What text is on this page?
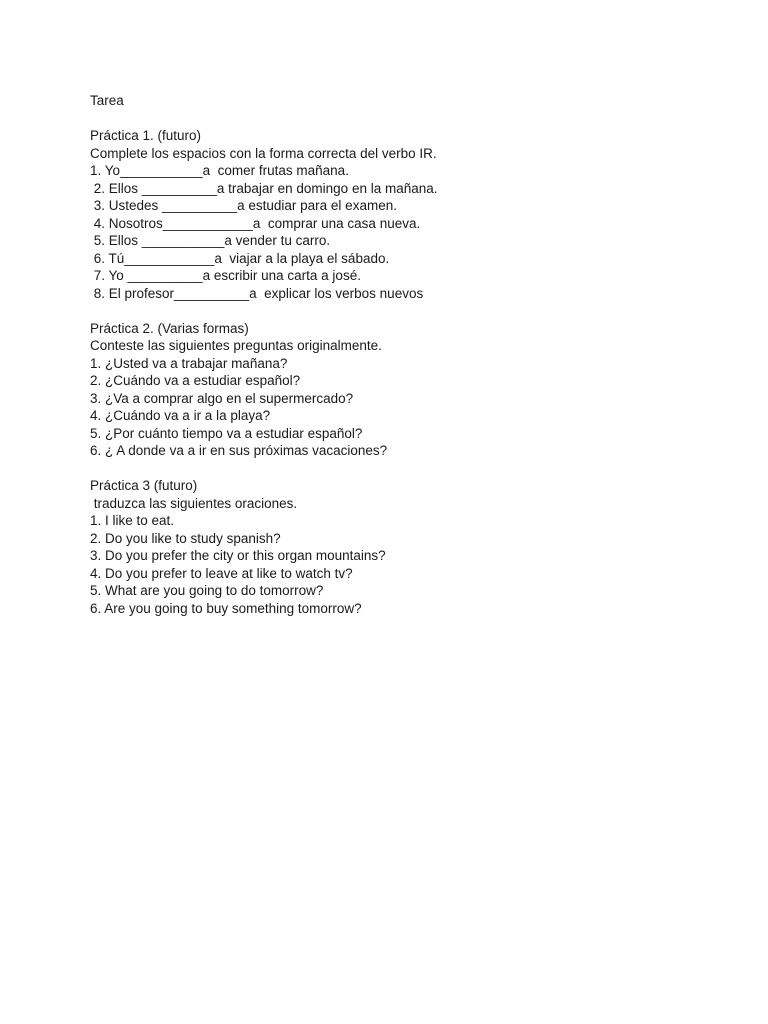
Tarea
Práctica 1. (futuro)
Complete los espacios con la forma correcta del verbo IR.
1. Yo___________a  comer frutas mañana.
2. Ellos __________a trabajar en domingo en la mañana.
3. Ustedes __________a estudiar para el examen.
4. Nosotros____________a  comprar una casa nueva.
5. Ellos ___________a vender tu carro.
6. Tú____________a  viajar a la playa el sábado.
7. Yo __________a escribir una carta a josé.
8. El profesor__________a  explicar los verbos nuevos
Práctica 2. (Varias formas)
Conteste las siguientes preguntas originalmente.
1. ¿Usted va a trabajar mañana?
2. ¿Cuándo va a estudiar español?
3. ¿Va a comprar algo en el supermercado?
4. ¿Cuándo va a ir a la playa?
5. ¿Por cuánto tiempo va a estudiar español?
6. ¿ A donde va a ir en sus próximas vacaciones?
Práctica 3 (futuro)
traduzca las siguientes oraciones.
1. I like to eat.
2. Do you like to study spanish?
3. Do you prefer the city or this organ mountains?
4. Do you prefer to leave at like to watch tv?
5. What are you going to do tomorrow?
6. Are you going to buy something tomorrow?
